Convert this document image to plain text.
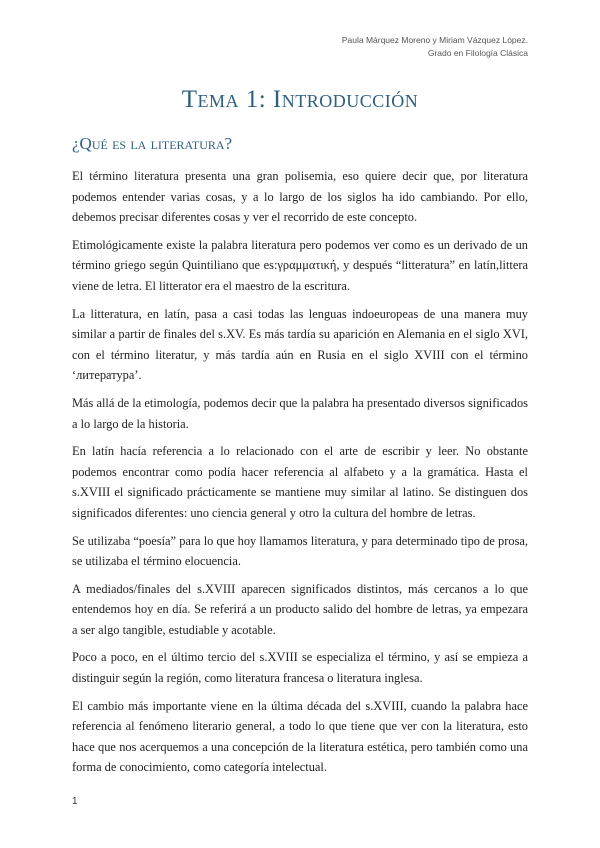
Paula Márquez Moreno y Miriam Vázquez López.
Grado en Filología Clásica
Tema 1: Introducción
¿Qué es la literatura?

El término literatura presenta una gran polisemia, eso quiere decir que, por literatura podemos entender varias cosas, y a lo largo de los siglos ha ido cambiando. Por ello, debemos precisar diferentes cosas y ver el recorrido de este concepto.

Etimológicamente existe la palabra literatura pero podemos ver como es un derivado de un término griego según Quintiliano que es:γραμματική, y después “litteratura” en latín,littera viene de letra. El litterator era el maestro de la escritura.

La litteratura, en latín, pasa a casi todas las lenguas indoeuropeas de una manera muy similar a partir de finales del s.XV. Es más tardía su aparición en Alemania en el siglo XVI, con el término literatur, y más tardía aún en Rusia en el siglo XVIII con el término ‘литература’.

Más allá de la etimología, podemos decir que la palabra ha presentado diversos significados a lo largo de la historia.

En latín hacía referencia a lo relacionado con el arte de escribir y leer. No obstante podemos encontrar como podía hacer referencia al alfabeto y a la gramática. Hasta el s.XVIII el significado prácticamente se mantiene muy similar al latino. Se distinguen dos significados diferentes: uno ciencia general y otro la cultura del hombre de letras.

Se utilizaba “poesía” para lo que hoy llamamos literatura, y para determinado tipo de prosa, se utilizaba el término elocuencia.

A mediados/finales del s.XVIII aparecen significados distintos, más cercanos a lo que entendemos hoy en día. Se referirá a un producto salido del hombre de letras, ya empezara a ser algo tangible, estudiable y acotable.

Poco a poco, en el último tercio del s.XVIII se especializa el término, y así se empieza a distinguir según la región, como literatura francesa o literatura inglesa.

El cambio más importante viene en la última década del s.XVIII, cuando la palabra hace referencia al fenómeno literario general, a todo lo que tiene que ver con la literatura, esto hace que nos acerquemos a una concepción de la literatura estética, pero también como una forma de conocimiento, como categoría intelectual.

1
